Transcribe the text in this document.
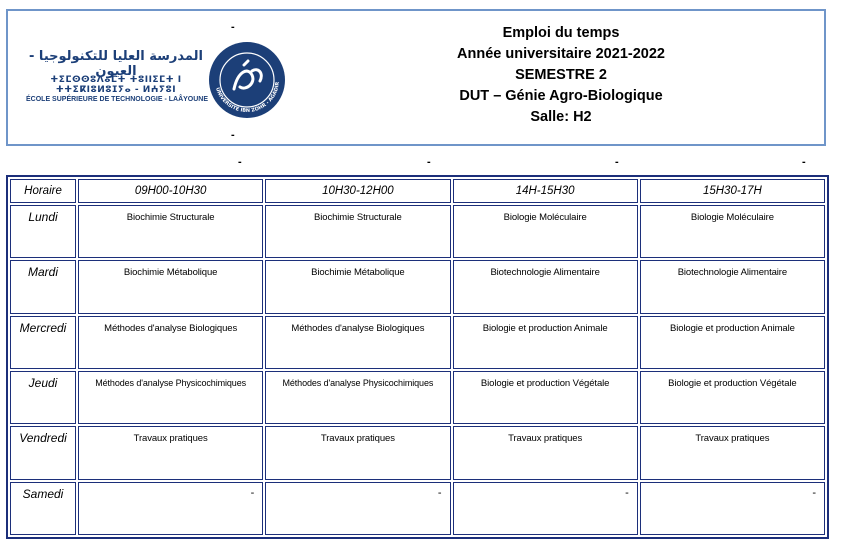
المدرسة العليا للتكنولوجيا - العيون
ⵜⵉⵎⵙⵙⵓⴷⴰⵎⵜ ⵜⵓⵏⵏⵉⵎⵜ ⵏ ⵜⵜⵉⴽⵏⵓⵍⵓⵊⵢⴰ - ⵍⵄⵢⵓⵏ
ÉCOLE SUPÉRIEURE DE TECHNOLOGIE - LAÂYOUNE
UNIVERSITÉ IBN ZOHR - AGADIR
-
-
Emploi du temps
Année universitaire 2021-2022
SEMESTRE 2
DUT – Génie Agro-Biologique
Salle: H2
-	-	-	-
Horaire	09H00-10H30	10H30-12H00	14H-15H30	15H30-17H
Lundi	Biochimie Structurale	Biochimie Structurale	Biologie Moléculaire	Biologie Moléculaire
Mardi	Biochimie Métabolique	Biochimie Métabolique	Biotechnologie Alimentaire	Biotechnologie Alimentaire
Mercredi	Méthodes d'analyse Biologiques	Méthodes d'analyse Biologiques	Biologie et production Animale	Biologie et production Animale
Jeudi	Méthodes d'analyse Physicochimiques	Méthodes d'analyse Physicochimiques	Biologie et production Végétale	Biologie et production Végétale
Vendredi	Travaux pratiques	Travaux pratiques	Travaux pratiques	Travaux pratiques
Samedi	-	-	-	-
